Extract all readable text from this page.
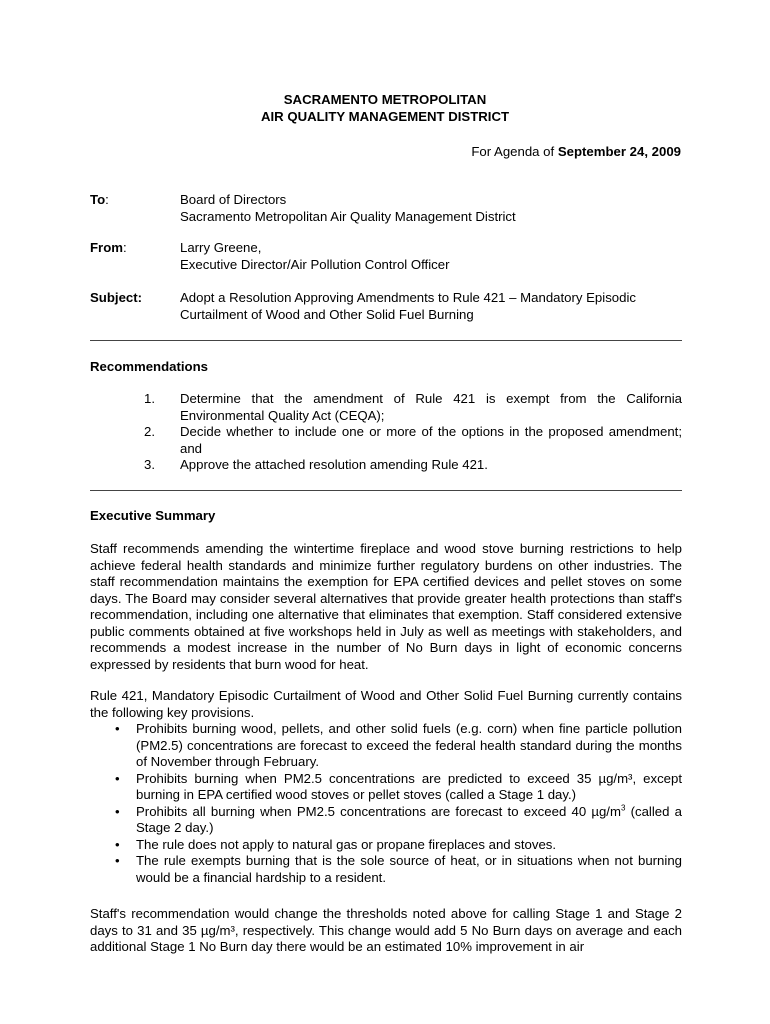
SACRAMENTO METROPOLITAN
AIR QUALITY MANAGEMENT DISTRICT
For Agenda of September 24, 2009
To:	Board of Directors
Sacramento Metropolitan Air Quality Management District
From:	Larry Greene,
Executive Director/Air Pollution Control Officer
Subject:	Adopt a Resolution Approving Amendments to Rule 421 – Mandatory Episodic
Curtailment of Wood and Other Solid Fuel Burning
Recommendations
1. Determine that the amendment of Rule 421 is exempt from the California Environmental Quality Act (CEQA);
2. Decide whether to include one or more of the options in the proposed amendment; and
3. Approve the attached resolution amending Rule 421.
Executive Summary
Staff recommends amending the wintertime fireplace and wood stove burning restrictions to help achieve federal health standards and minimize further regulatory burdens on other industries. The staff recommendation maintains the exemption for EPA certified devices and pellet stoves on some days. The Board may consider several alternatives that provide greater health protections than staff's recommendation, including one alternative that eliminates that exemption. Staff considered extensive public comments obtained at five workshops held in July as well as meetings with stakeholders, and recommends a modest increase in the number of No Burn days in light of economic concerns expressed by residents that burn wood for heat.
Rule 421, Mandatory Episodic Curtailment of Wood and Other Solid Fuel Burning currently contains the following key provisions.
• Prohibits burning wood, pellets, and other solid fuels (e.g. corn) when fine particle pollution (PM2.5) concentrations are forecast to exceed the federal health standard during the months of November through February.
• Prohibits burning when PM2.5 concentrations are predicted to exceed 35 µg/m³, except burning in EPA certified wood stoves or pellet stoves (called a Stage 1 day.)
• Prohibits all burning when PM2.5 concentrations are forecast to exceed 40 $\mu g/m^3$ (called a Stage 2 day.)
• The rule does not apply to natural gas or propane fireplaces and stoves.
• The rule exempts burning that is the sole source of heat, or in situations when not burning would be a financial hardship to a resident.
Staff's recommendation would change the thresholds noted above for calling Stage 1 and Stage 2 days to 31 and 35 µg/m³, respectively. This change would add 5 No Burn days on average and each additional Stage 1 No Burn day there would be an estimated 10% improvement in air
